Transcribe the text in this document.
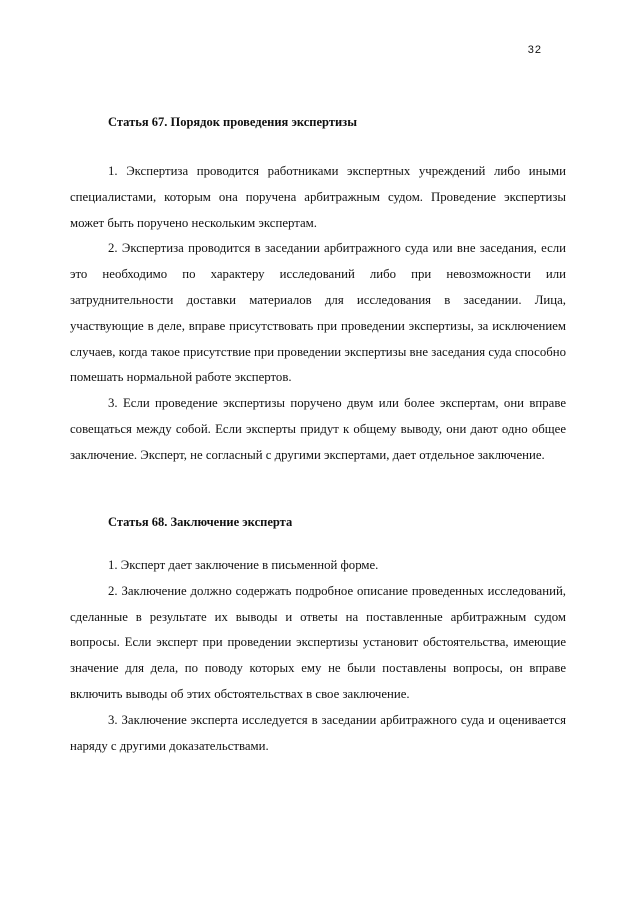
32
Статья 67. Порядок проведения экспертизы

1. Экспертиза проводится работниками экспертных учреждений либо иными специалистами, которым она поручена арбитражным судом. Проведение экспертизы может быть поручено нескольким экспертам.

2. Экспертиза проводится в заседании арбитражного суда или вне заседания, если это необходимо по характеру исследований либо при невозможности или затруднительности доставки материалов для исследования в заседании. Лица, участвующие в деле, вправе присутствовать при проведении экспертизы, за исключением случаев, когда такое присутствие при проведении экспертизы вне заседания суда способно помешать нормальной работе экспертов.

3. Если проведение экспертизы поручено двум или более экспертам, они вправе совещаться между собой. Если эксперты придут к общему выводу, они дают одно общее заключение. Эксперт, не согласный с другими экспертами, дает отдельное заключение.

Статья 68. Заключение эксперта

1. Эксперт дает заключение в письменной форме.

2. Заключение должно содержать подробное описание проведенных исследований, сделанные в результате их выводы и ответы на поставленные арбитражным судом вопросы. Если эксперт при проведении экспертизы установит обстоятельства, имеющие значение для дела, по поводу которых ему не были поставлены вопросы, он вправе включить выводы об этих обстоятельствах в свое заключение.

3. Заключение эксперта исследуется в заседании арбитражного суда и оценивается наряду с другими доказательствами.
